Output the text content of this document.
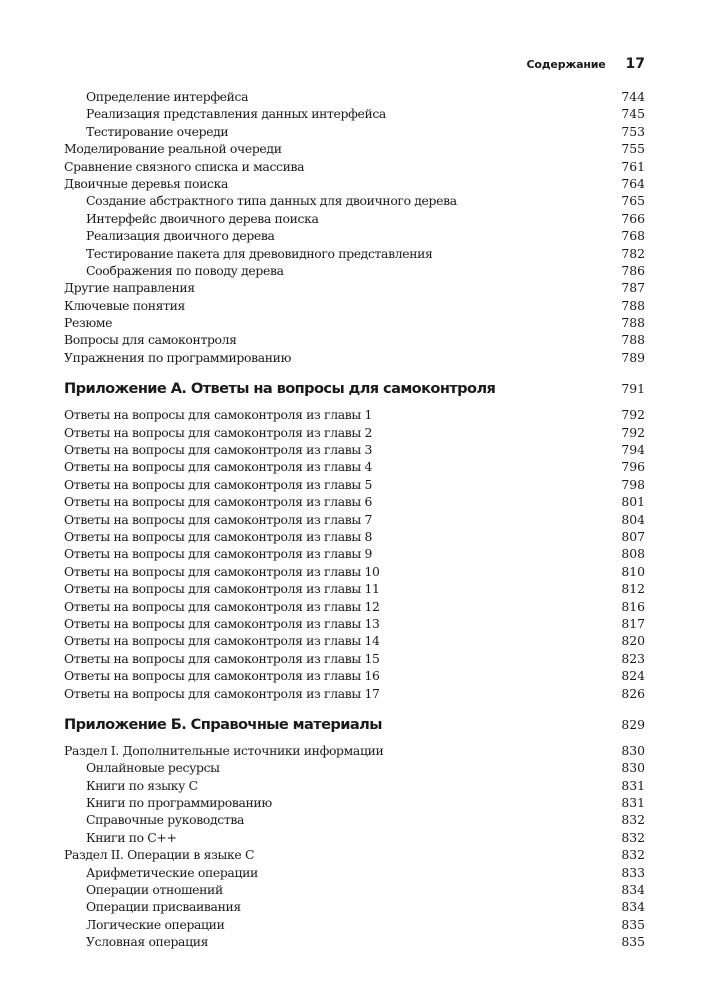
Содержание 17
Определение интерфейса	744
Реализация представления данных интерфейса	745
Тестирование очереди	753
Моделирование реальной очереди	755
Сравнение связного списка и массива	761
Двоичные деревья поиска	764
Создание абстрактного типа данных для двоичного дерева	765
Интерфейс двоичного дерева поиска	766
Реализация двоичного дерева	768
Тестирование пакета для древовидного представления	782
Соображения по поводу дерева	786
Другие направления	787
Ключевые понятия	788
Резюме	788
Вопросы для самоконтроля	788
Упражнения по программированию	789
Приложение А. Ответы на вопросы для самоконтроля	791
Ответы на вопросы для самоконтроля из главы 1	792
Ответы на вопросы для самоконтроля из главы 2	792
Ответы на вопросы для самоконтроля из главы 3	794
Ответы на вопросы для самоконтроля из главы 4	796
Ответы на вопросы для самоконтроля из главы 5	798
Ответы на вопросы для самоконтроля из главы 6	801
Ответы на вопросы для самоконтроля из главы 7	804
Ответы на вопросы для самоконтроля из главы 8	807
Ответы на вопросы для самоконтроля из главы 9	808
Ответы на вопросы для самоконтроля из главы 10	810
Ответы на вопросы для самоконтроля из главы 11	812
Ответы на вопросы для самоконтроля из главы 12	816
Ответы на вопросы для самоконтроля из главы 13	817
Ответы на вопросы для самоконтроля из главы 14	820
Ответы на вопросы для самоконтроля из главы 15	823
Ответы на вопросы для самоконтроля из главы 16	824
Ответы на вопросы для самоконтроля из главы 17	826
Приложение Б. Справочные материалы	829
Раздел I. Дополнительные источники информации	830
Онлайновые ресурсы	830
Книги по языку С	831
Книги по программированию	831
Справочные руководства	832
Книги по С++	832
Раздел II. Операции в языке С	832
Арифметические операции	833
Операции отношений	834
Операции присваивания	834
Логические операции	835
Условная операция	835
